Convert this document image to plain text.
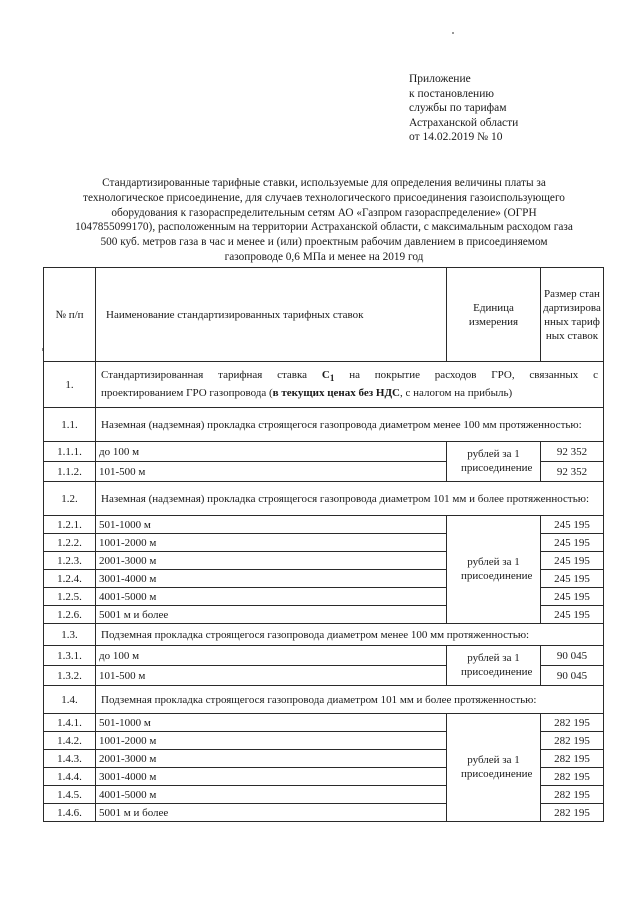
Приложение
к постановлению
службы по тарифам
Астраханской области
от 14.02.2019 № 10
Стандартизированные тарифные ставки, используемые для определения величины платы за
технологическое присоединение, для случаев технологического присоединения газоиспользующего
оборудования к газораспределительным сетям АО «Газпром газораспределение» (ОГРН
1047855099170), расположенным на территории Астраханской области, с максимальным расходом газа
500 куб. метров газа в час и менее и (или) проектным рабочим давлением в присоединяемом
газопроводе 0,6 МПа и менее на 2019 год
№ п/п	Наименование стандартизированных тарифных ставок	Единица измерения	Размер стандартизированных тарифных ставок
1.	Стандартизированная тарифная ставка $С_1$ на покрытие расходов ГРО, связанных с
проектированием ГРО газопровода (в текущих ценах без НДС, с налогом на прибыль)		

1.1.	Наземная (надземная) прокладка строящегося газопровода диаметром менее 100 мм протяженностью:		
1.1.1.	до 100 м	рублей за 1 присоединение	92 352
1.1.2.	101-500 м		92 352
1.2.	Наземная (надземная) прокладка строящегося газопровода диаметром 101 мм и более протяженностью:		
1.2.1.	501-1000 м	рублей за 1 присоединение	245 195
1.2.2.	1001-2000 м		245 195
1.2.3.	2001-3000 м		245 195
1.2.4.	3001-4000 м		245 195
1.2.5.	4001-5000 м		245 195
1.2.6.	5001 м и более		245 195
1.3.	Подземная прокладка строящегося газопровода диаметром менее 100 мм протяженностью:		
1.3.1.	до 100 м	рублей за 1 присоединение	90 045
1.3.2.	101-500 м		90 045
1.4.	Подземная прокладка строящегося газопровода диаметром 101 мм и более протяженностью:		
1.4.1.	501-1000 м	рублей за 1 присоединение	282 195
1.4.2.	1001-2000 м		282 195
1.4.3.	2001-3000 м		282 195
1.4.4.	3001-4000 м		282 195
1.4.5.	4001-5000 м		282 195
1.4.6.	5001 м и более		282 195
